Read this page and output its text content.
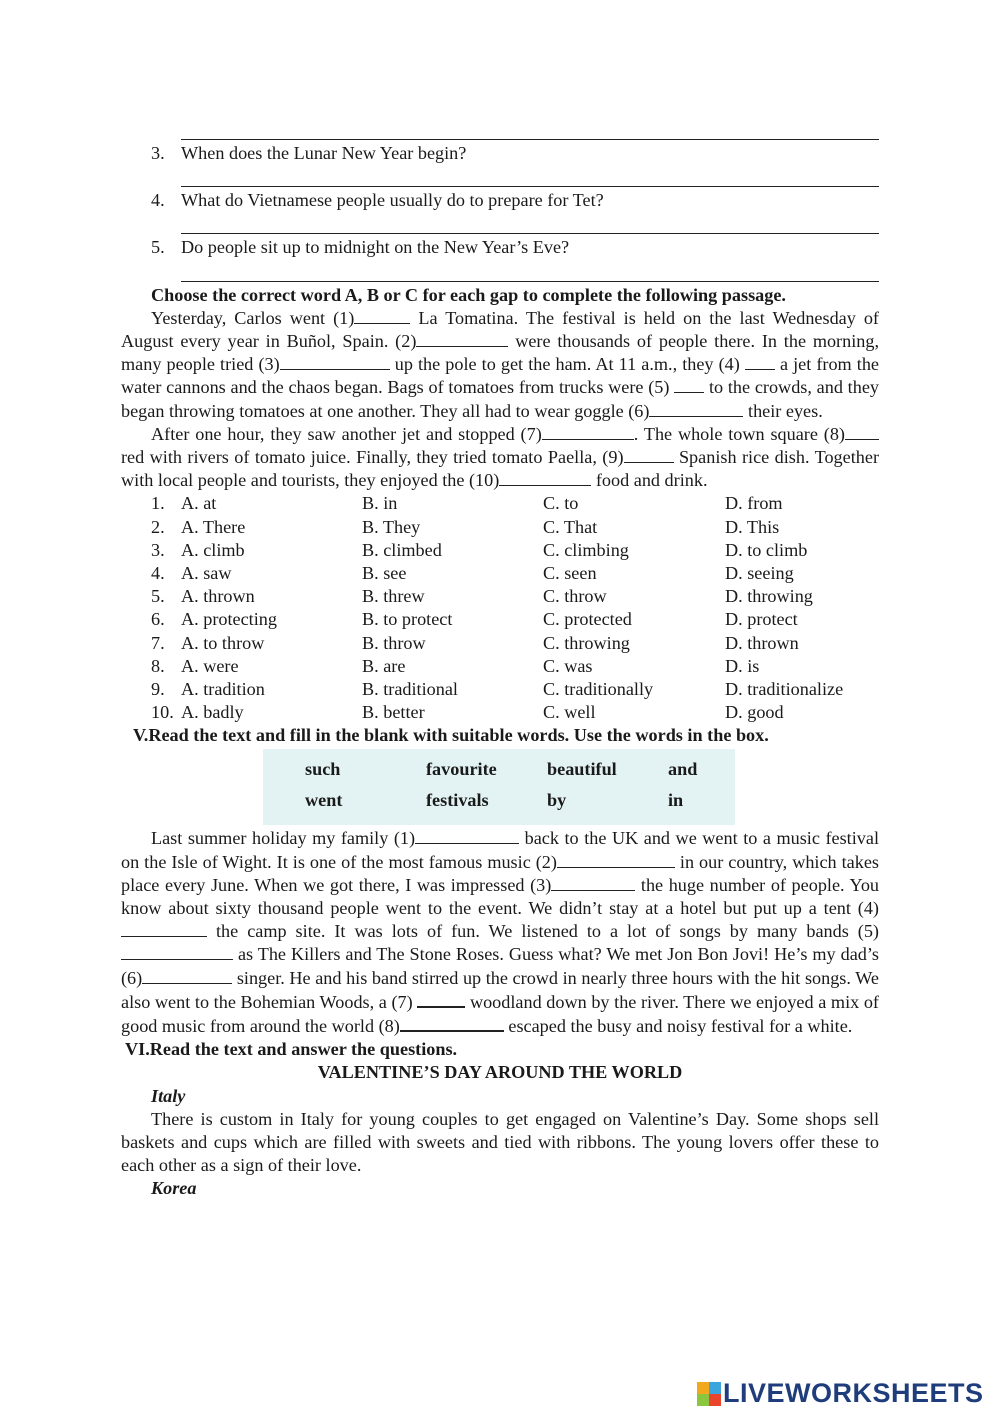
3. When does the Lunar New Year begin?
4. What do Vietnamese people usually do to prepare for Tet?
5. Do people sit up to midnight on the New Year’s Eve?
Choose the correct word A, B or C for each gap to complete the following passage.

Yesterday, Carlos went (1)	La Tomatina. The festival is held on the last Wednesday of August every year in Buñol, Spain. (2)	were thousands of people there. In the morning, many people tried (3)	up the pole to get the ham. At 11 a.m., they (4)  a jet from the water cannons and the chaos began. Bags of tomatoes from trucks were (5)  to the crowds, and they began throwing tomatoes at one another. They all had to wear goggle (6)	their eyes.

After one hour, they saw another jet and stopped (7)	. The whole town square (8) red with rivers of tomato juice. Finally, they tried tomato Paella, (9)	Spanish rice dish. Together with local people and tourists, they enjoyed the (10)	food and drink.

1. A. at	B. in	C. to	D. from
2. A. There	B. They	C. That	D. This
3. A. climb	B. climbed	C. climbing	D. to climb
4. A. saw	B. see	C. seen	D. seeing
5. A. thrown	B. threw	C. throw	D. throwing
6. A. protecting	B. to protect	C. protected	D. protect
7. A. to throw	B. throw	C. throwing	D. thrown
8. A. were	B. are	C. was	D. is
9. A. tradition	B. traditional	C. traditionally	D. traditionalize
10. A. badly	B. better	C. well	D. good
V.Read the text and fill in the blank with suitable words. Use the words in the box.
such	favourite	beautiful	and
went	festivals	by	in

Last summer holiday my family (1)	back to the UK and we went to a music festival on the Isle of Wight. It is one of the most famous music (2)	in our country, which takes place every June. When we got there, I was impressed (3)	the huge number of people. You know about sixty thousand people went to the event. We didn’t stay at a hotel but put up a tent (4) the camp site. It was lots of fun. We listened to a lot of songs by many bands (5) as The Killers and The Stone Roses. Guess what? We met Jon Bon Jovi! He’s my dad’s (6)	singer. He and his band stirred up the crowd in nearly three hours with the hit songs. We also went to the Bohemian Woods, a (7)	woodland down by the river. There we enjoyed a mix of good music from around the world (8)	escaped the busy and noisy festival for a white.

VI.Read the text and answer the questions.
VALENTINE’S DAY AROUND THE WORLD
Italy

There is custom in Italy for young couples to get engaged on Valentine’s Day. Some shops sell baskets and cups which are filled with sweets and tied with ribbons. The young lovers offer these to each other as a sign of their love.

Korea
LIVEWORKSHEETS
